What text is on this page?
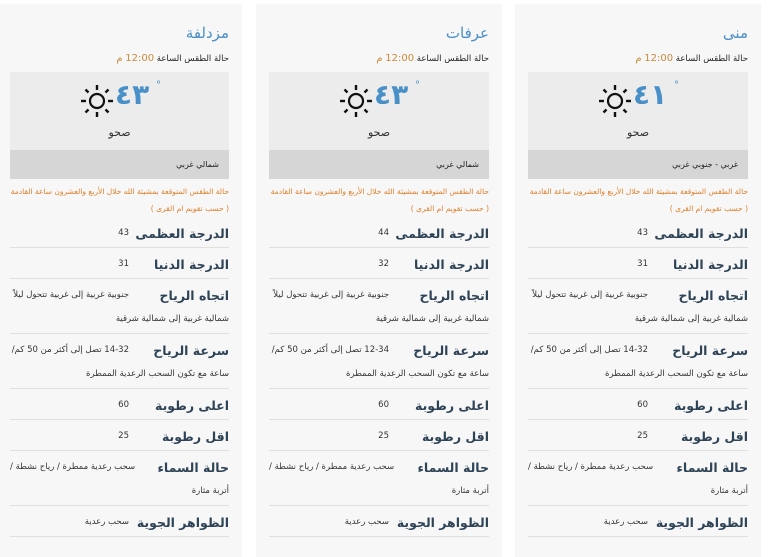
منى
حالة الطقس الساعة 12:00 م
٤١ °
صحو
غربي - جنوبي غربي
حالة الطقس المتوقعة بمشيئة الله خلال الأربع والعشرون ساعة القادمة ( حسب تقويم ام القرى )
الدرجة العظمى
43
الدرجة الدنيا
31
اتجاه الرياح
جنوبية غربية إلى غربية تتحول ليلاً
شمالية غربية إلى شمالية شرقية
سرعة الرياح
14-32 تصل إلى أكثر من 50 كم/
ساعة مع تكون السحب الرعدية الممطرة
اعلى رطوبة
60
اقل رطوبة
25
حالة السماء
سحب رعدية ممطرة / رياح نشطة /
أتربة مثارة
الظواهر الجوية
سحب رعدية
عرفات
حالة الطقس الساعة 12:00 م
٤٣ °
صحو
شمالي غربي
حالة الطقس المتوقعة بمشيئة الله خلال الأربع والعشرون ساعة القادمة ( حسب تقويم ام القرى )
الدرجة العظمى
44
الدرجة الدنيا
32
اتجاه الرياح
جنوبية غربية إلى غربية تتحول ليلاً
شمالية غربية إلى شمالية شرقية
سرعة الرياح
12-34 تصل إلى أكثر من 50 كم/
ساعة مع تكون السحب الرعدية الممطرة
اعلى رطوبة
60
اقل رطوبة
25
حالة السماء
سحب رعدية ممطرة / رياح نشطة /
أتربة مثارة
الظواهر الجوية
سحب رعدية
مزدلفة
حالة الطقس الساعة 12:00 م
٤٣ °
صحو
شمالي غربي
حالة الطقس المتوقعة بمشيئة الله خلال الأربع والعشرون ساعة القادمة ( حسب تقويم ام القرى )
الدرجة العظمى
43
الدرجة الدنيا
31
اتجاه الرياح
جنوبية غربية إلى غربية تتحول ليلاً
شمالية غربية إلى شمالية شرقية
سرعة الرياح
14-32 تصل إلى أكثر من 50 كم/
ساعة مع تكون السحب الرعدية الممطرة
اعلى رطوبة
60
اقل رطوبة
25
حالة السماء
سحب رعدية ممطرة / رياح نشطة /
أتربة مثارة
الظواهر الجوية
سحب رعدية
